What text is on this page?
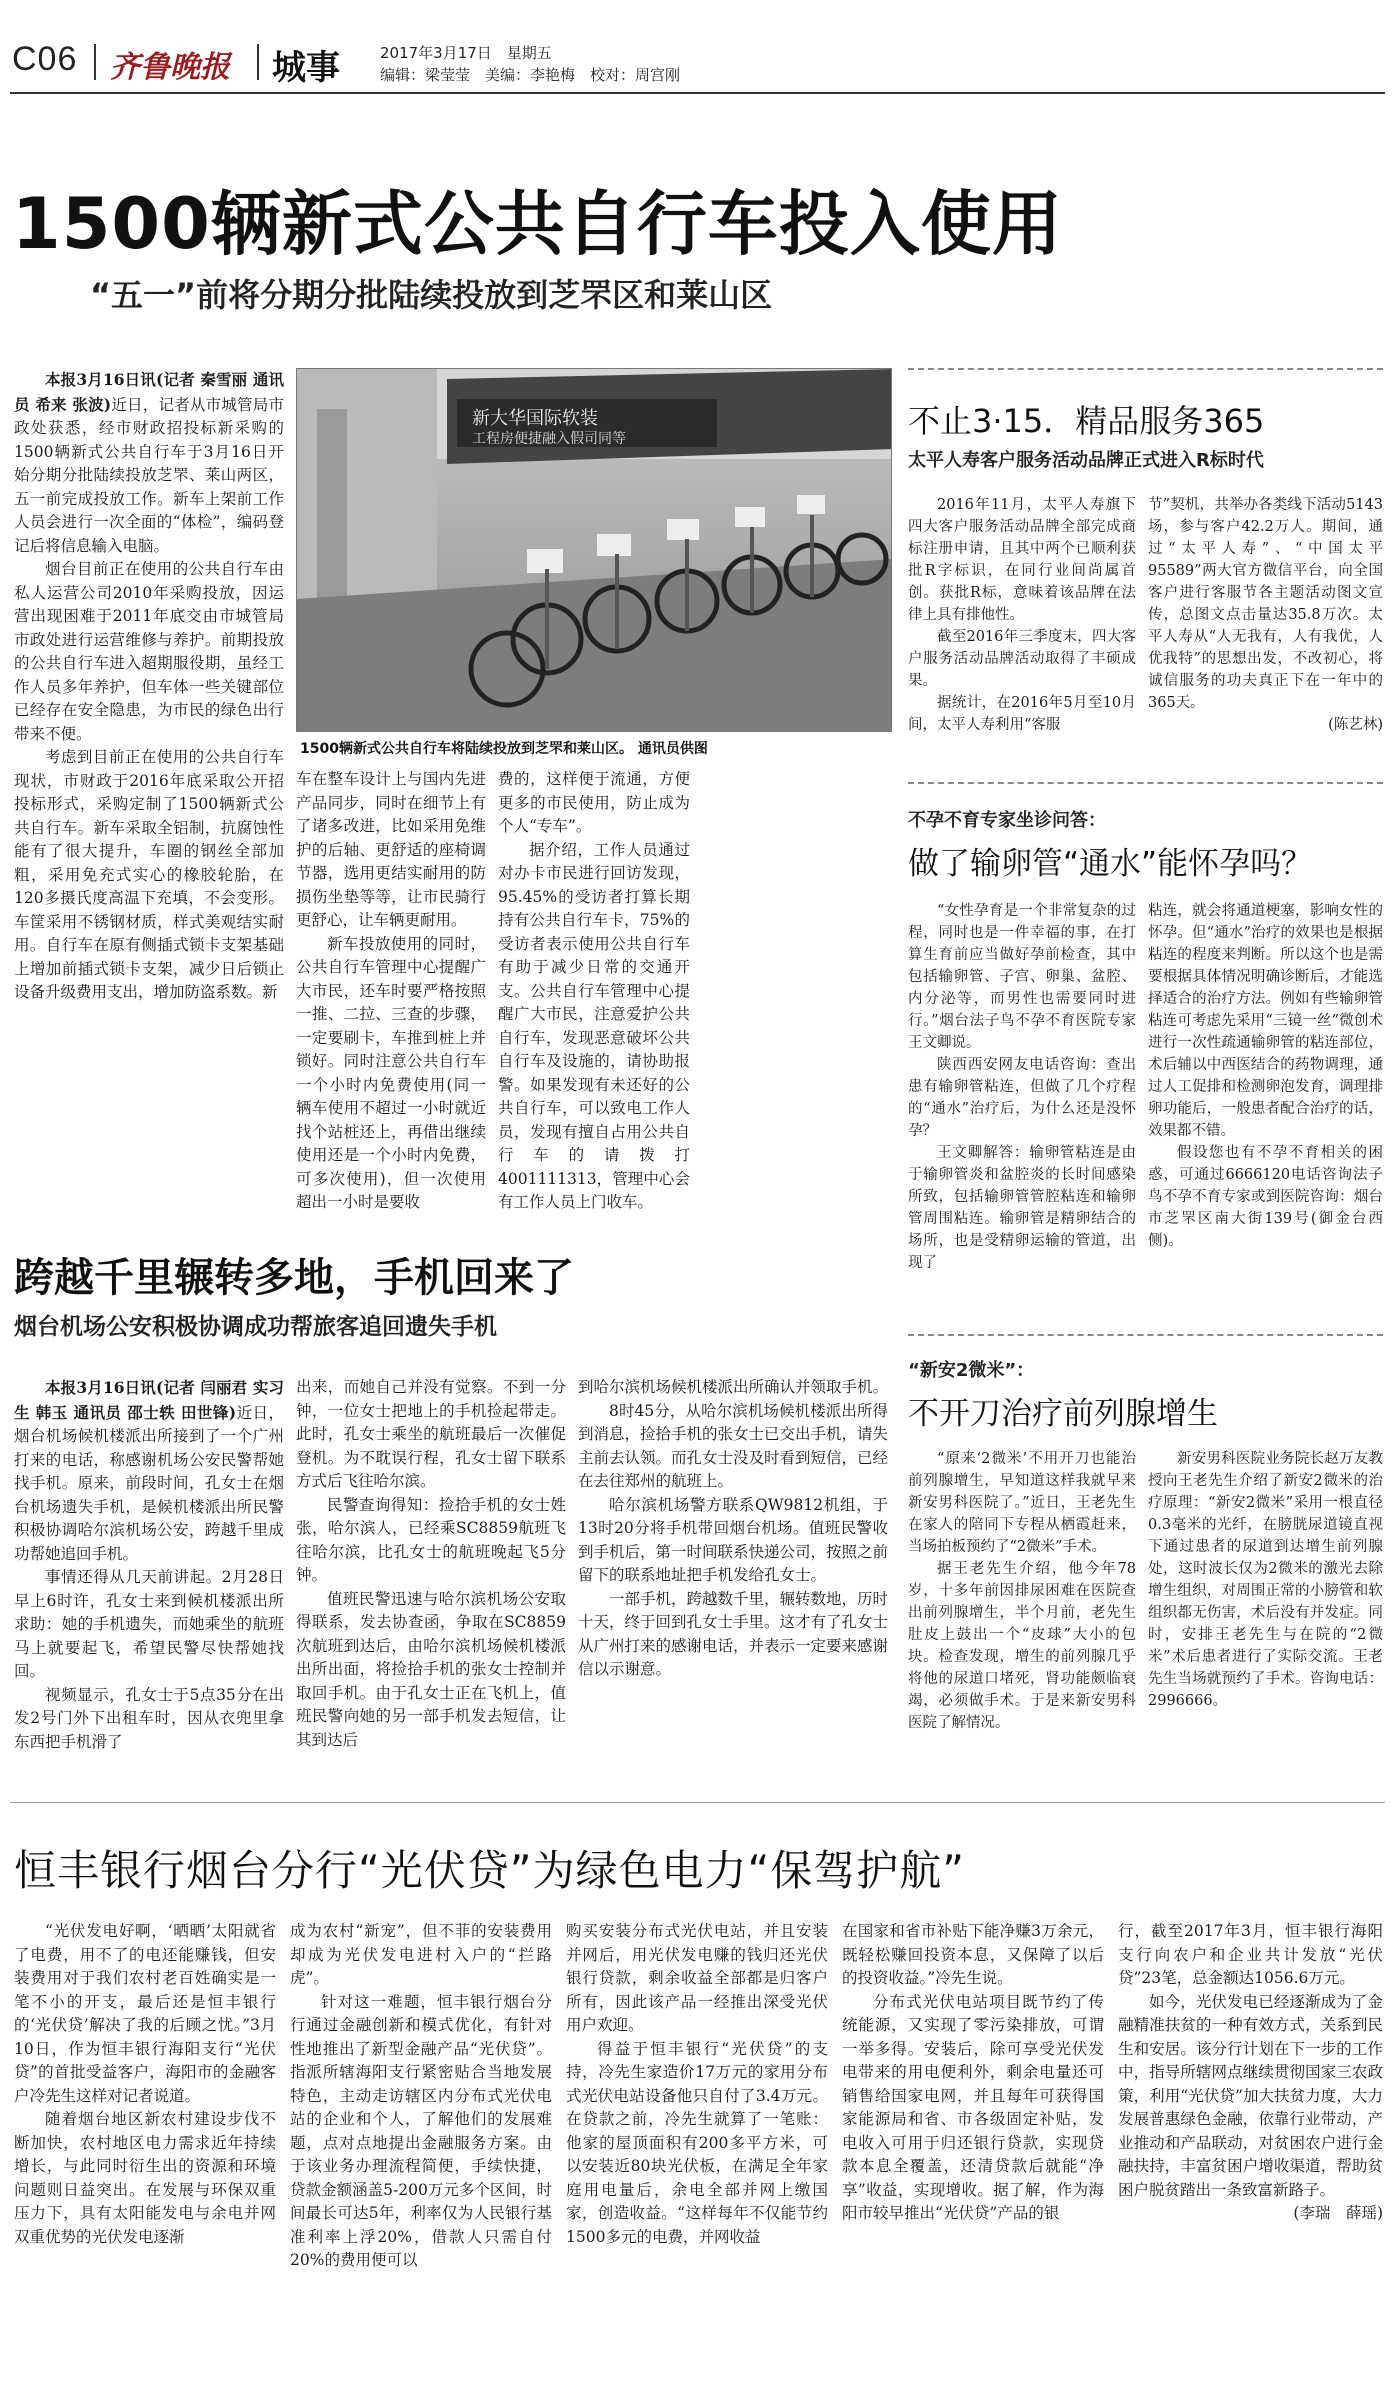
C06 齐鲁晚报 城事	2017年3月17日　星期五
编辑：梁莹莹　美编：李艳梅　校对：周宫刚
1500辆新式公共自行车投入使用
“五一”前将分期分批陆续投放到芝罘区和莱山区
新大华国际软装
工程房便捷融入假司同等
1500辆新式公共自行车将陆续投放到芝罘和莱山区。 通讯员供图

本报3月16日讯(记者 秦雪丽 通讯员 希来 张波)近日，记者从市城管局市政处获悉，经市财政招投标新采购的1500辆新式公共自行车于3月16日开始分期分批陆续投放芝罘、莱山两区，五一前完成投放工作。新车上架前工作人员会进行一次全面的“体检”，编码登记后将信息输入电脑。

烟台目前正在使用的公共自行车由私人运营公司2010年采购投放，因运营出现困难于2011年底交由市城管局市政处进行运营维修与养护。前期投放的公共自行车进入超期服役期，虽经工作人员多年养护，但车体一些关键部位已经存在安全隐患，为市民的绿色出行带来不便。

考虑到目前正在使用的公共自行车现状，市财政于2016年底采取公开招投标形式，采购定制了1500辆新式公共自行车。新车采取全铝制，抗腐蚀性能有了很大提升，车圈的钢丝全部加粗，采用免充式实心的橡胶轮胎，在120多摄氏度高温下充填，不会变形。车筐采用不锈钢材质，样式美观结实耐用。自行车在原有侧插式锁卡支架基础上增加前插式锁卡支架，减少日后锁止设备升级费用支出，增加防盗系数。新

车在整车设计上与国内先进产品同步，同时在细节上有了诸多改进，比如采用免维护的后轴、更舒适的座椅调节器，选用更结实耐用的防损伤坐垫等等，让市民骑行更舒心，让车辆更耐用。

新车投放使用的同时，公共自行车管理中心提醒广大市民，还车时要严格按照一推、二拉、三查的步骤，一定要刷卡，车推到桩上并锁好。同时注意公共自行车一个小时内免费使用(同一辆车使用不超过一小时就近找个站桩还上，再借出继续使用还是一个小时内免费，可多次使用)，但一次使用超出一小时是要收

费的，这样便于流通，方便更多的市民使用，防止成为个人“专车”。

据介绍，工作人员通过对办卡市民进行回访发现，95.45%的受访者打算长期持有公共自行车卡，75%的受访者表示使用公共自行车有助于减少日常的交通开支。公共自行车管理中心提醒广大市民，注意爱护公共自行车，发现恶意破坏公共自行车及设施的，请协助报警。如果发现有未还好的公共自行车，可以致电工作人员，发现有擅自占用公共自行车的请拨打4001111313，管理中心会有工作人员上门收车。

不止3·15．精品服务365
太平人寿客户服务活动品牌正式进入R标时代

2016年11月，太平人寿旗下四大客户服务活动品牌全部完成商标注册申请，且其中两个已顺利获批R字标识，在同行业间尚属首创。获批R标，意味着该品牌在法律上具有排他性。

截至2016年三季度末，四大客户服务活动品牌活动取得了丰硕成果。

据统计，在2016年5月至10月间，太平人寿利用“客服

节”契机，共举办各类线下活动5143场，参与客户42.2万人。期间，通过“太平人寿”、“中国太平95589”两大官方微信平台，向全国客户进行客服节各主题活动图文宣传，总图文点击量达35.8万次。太平人寿从“人无我有，人有我优，人优我特”的思想出发，不改初心，将诚信服务的功夫真正下在一年中的365天。

(陈艺林)

不孕不育专家坐诊问答：
做了输卵管“通水”能怀孕吗？

“女性孕育是一个非常复杂的过程，同时也是一件幸福的事，在打算生育前应当做好孕前检查，其中包括输卵管、子宫、卵巢、盆腔、内分泌等，而男性也需要同时进行。”烟台法子鸟不孕不育医院专家王文卿说。

陕西西安网友电话咨询：查出患有输卵管粘连，但做了几个疗程的“通水”治疗后，为什么还是没怀孕？

王文卿解答：输卵管粘连是由于输卵管炎和盆腔炎的长时间感染所致，包括输卵管管腔粘连和输卵管周围粘连。输卵管是精卵结合的场所，也是受精卵运输的管道，出现了

粘连，就会将通道梗塞，影响女性的怀孕。但“通水”治疗的效果也是根据粘连的程度来判断。所以这个也是需要根据具体情况明确诊断后，才能选择适合的治疗方法。例如有些输卵管粘连可考虑先采用“三镜一丝”微创术进行一次性疏通输卵管的粘连部位，术后辅以中西医结合的药物调理，通过人工促排和检测卵泡发育，调理排卵功能后，一般患者配合治疗的话，效果都不错。

假设您也有不孕不育相关的困惑，可通过6666120电话咨询法子鸟不孕不育专家或到医院咨询：烟台市芝罘区南大街139号(御金台西侧)。

“新安2微米”：
不开刀治疗前列腺增生

“原来‘2微米’不用开刀也能治前列腺增生，早知道这样我就早来新安男科医院了。”近日，王老先生在家人的陪同下专程从栖霞赶来，当场拍板预约了“2微米”手术。

据王老先生介绍，他今年78岁，十多年前因排尿困难在医院查出前列腺增生，半个月前，老先生肚皮上鼓出一个“皮球”大小的包块。检查发现，增生的前列腺几乎将他的尿道口堵死，肾功能颇临衰竭，必须做手术。于是来新安男科医院了解情况。

新安男科医院业务院长赵万友教授向王老先生介绍了新安2微米的治疗原理：“新安2微米”采用一根直径0.3毫米的光纤，在膀胱尿道镜直视下通过患者的尿道到达增生前列腺处，这时波长仅为2微米的激光去除增生组织，对周围正常的小膀管和软组织都无伤害，术后没有并发症。同时，安排王老先生与在院的“2微米”术后患者进行了实际交流。王老先生当场就预约了手术。咨询电话：2996666。

跨越千里辗转多地，手机回来了
烟台机场公安积极协调成功帮旅客追回遗失手机

本报3月16日讯(记者 闫丽君 实习生 韩玉 通讯员 邵士轶 田世锋)近日，烟台机场候机楼派出所接到了一个广州打来的电话，称感谢机场公安民警帮她找手机。原来，前段时间，孔女士在烟台机场遗失手机，是候机楼派出所民警积极协调哈尔滨机场公安，跨越千里成功帮她追回手机。

事情还得从几天前讲起。2月28日早上6时许，孔女士来到候机楼派出所求助：她的手机遗失，而她乘坐的航班马上就要起飞，希望民警尽快帮她找回。

视频显示，孔女士于5点35分在出发2号门外下出租车时，因从衣兜里拿东西把手机滑了

出来，而她自己并没有觉察。不到一分钟，一位女士把地上的手机捡起带走。此时，孔女士乘坐的航班最后一次催促登机。为不耽误行程，孔女士留下联系方式后飞往哈尔滨。

民警查询得知：捡拾手机的女士姓张，哈尔滨人，已经乘SC8859航班飞往哈尔滨，比孔女士的航班晚起飞5分钟。

值班民警迅速与哈尔滨机场公安取得联系，发去协查函，争取在SC8859次航班到达后，由哈尔滨机场候机楼派出所出面，将捡拾手机的张女士控制并取回手机。由于孔女士正在飞机上，值班民警向她的另一部手机发去短信，让其到达后

到哈尔滨机场候机楼派出所确认并领取手机。

8时45分，从哈尔滨机场候机楼派出所得到消息，捡拾手机的张女士已交出手机，请失主前去认领。而孔女士没及时看到短信，已经在去往郑州的航班上。

哈尔滨机场警方联系QW9812机组，于13时20分将手机带回烟台机场。值班民警收到手机后，第一时间联系快递公司，按照之前留下的联系地址把手机发给孔女士。

一部手机，跨越数千里，辗转数地，历时十天，终于回到孔女士手里。这才有了孔女士从广州打来的感谢电话，并表示一定要来感谢信以示谢意。

恒丰银行烟台分行“光伏贷”为绿色电力“保驾护航”

“光伏发电好啊，‘晒晒’太阳就省了电费，用不了的电还能赚钱，但安装费用对于我们农村老百姓确实是一笔不小的开支，最后还是恒丰银行的‘光伏贷’解决了我的后顾之忧。”3月10日，作为恒丰银行海阳支行“光伏贷”的首批受益客户，海阳市的金融客户冷先生这样对记者说道。

随着烟台地区新农村建设步伐不断加快，农村地区电力需求近年持续增长，与此同时衍生出的资源和环境问题则日益突出。在发展与环保双重压力下，具有太阳能发电与余电并网双重优势的光伏发电逐渐

成为农村“新宠”，但不菲的安装费用却成为光伏发电进村入户的“拦路虎”。

针对这一难题，恒丰银行烟台分行通过金融创新和模式优化，有针对性地推出了新型金融产品“光伏贷”。指派所辖海阳支行紧密贴合当地发展特色，主动走访辖区内分布式光伏电站的企业和个人，了解他们的发展难题，点对点地提出金融服务方案。由于该业务办理流程简便，手续快捷，贷款金额涵盖5-200万元多个区间，时间最长可达5年，利率仅为人民银行基准利率上浮20%，借款人只需自付20%的费用便可以

购买安装分布式光伏电站，并且安装并网后，用光伏发电赚的钱归还光伏银行贷款，剩余收益全部都是归客户所有，因此该产品一经推出深受光伏用户欢迎。

得益于恒丰银行“光伏贷”的支持，冷先生家造价17万元的家用分布式光伏电站设备他只自付了3.4万元。在贷款之前，冷先生就算了一笔账：他家的屋顶面积有200多平方米，可以安装近80块光伏板，在满足全年家庭用电量后，余电全部并网上缴国家，创造收益。“这样每年不仅能节约1500多元的电费，并网收益

在国家和省市补贴下能净赚3万余元，既轻松赚回投资本息，又保障了以后的投资收益。”冷先生说。

分布式光伏电站项目既节约了传统能源，又实现了零污染排放，可谓一举多得。安装后，除可享受光伏发电带来的用电便利外，剩余电量还可销售给国家电网，并且每年可获得国家能源局和省、市各级固定补贴，发电收入可用于归还银行贷款，实现贷款本息全覆盖，还清贷款后就能“净享”收益，实现增收。据了解，作为海阳市较早推出“光伏贷”产品的银

行，截至2017年3月，恒丰银行海阳支行向农户和企业共计发放“光伏贷”23笔，总金额达1056.6万元。

如今，光伏发电已经逐渐成为了金融精准扶贫的一种有效方式，关系到民生和安居。该分行计划在下一步的工作中，指导所辖网点继续贯彻国家三农政策，利用“光伏贷”加大扶贫力度，大力发展普惠绿色金融，依靠行业带动，产业推动和产品联动，对贫困农户进行金融扶持，丰富贫困户增收渠道，帮助贫困户脱贫踏出一条致富新路子。

(李瑞　薛瑶)
